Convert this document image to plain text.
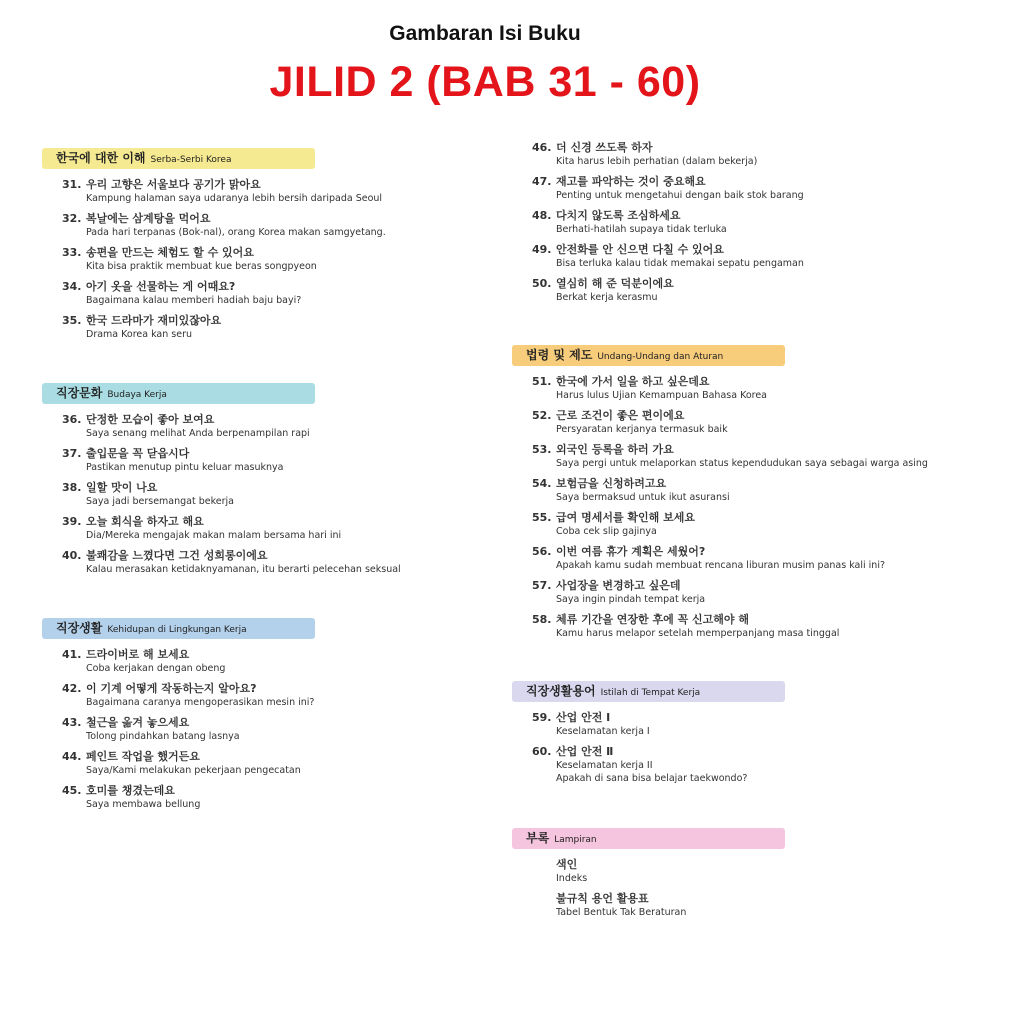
Gambaran Isi Buku
JILID 2 (BAB 31 - 60)
한국에 대한 이해 Serba-Serbi Korea
31. 우리 고향은 서울보다 공기가 맑아요
Kampung halaman saya udaranya lebih bersih daripada Seoul
32. 복날에는 삼계탕을 먹어요
Pada hari terpanas (Bok-nal), orang Korea makan samgyetang.
33. 송편을 만드는 체험도 할 수 있어요
Kita bisa praktik membuat kue beras songpyeon
34. 아기 옷을 선물하는 게 어때요?
Bagaimana kalau memberi hadiah baju bayi?
35. 한국 드라마가 재미있잖아요
Drama Korea kan seru
직장문화 Budaya Kerja
36. 단정한 모습이 좋아 보여요
Saya senang melihat Anda berpenampilan rapi
37. 출입문을 꼭 닫읍시다
Pastikan menutup pintu keluar masuknya
38. 일할 맛이 나요
Saya jadi bersemangat bekerja
39. 오늘 회식을 하자고 해요
Dia/Mereka mengajak makan malam bersama hari ini
40. 불쾌감을 느꼈다면 그건 성희롱이에요
Kalau merasakan ketidaknyamanan, itu berarti pelecehan seksual
직장생활 Kehidupan di Lingkungan Kerja
41. 드라이버로 해 보세요
Coba kerjakan dengan obeng
42. 이 기계 어떻게 작동하는지 알아요?
Bagaimana caranya mengoperasikan mesin ini?
43. 철근을 옮겨 놓으세요
Tolong pindahkan batang lasnya
44. 페인트 작업을 했거든요
Saya/Kami melakukan pekerjaan pengecatan
45. 호미를 챙겼는데요
Saya membawa bellung
46. 더 신경 쓰도록 하자
Kita harus lebih perhatian (dalam bekerja)
47. 재고를 파악하는 것이 중요해요
Penting untuk mengetahui dengan baik stok barang
48. 다치지 않도록 조심하세요
Berhati-hatilah supaya tidak terluka
49. 안전화를 안 신으면 다칠 수 있어요
Bisa terluka kalau tidak memakai sepatu pengaman
50. 열심히 해 준 덕분이에요
Berkat kerja kerasmu
법령 및 제도 Undang-Undang dan Aturan
51. 한국에 가서 일을 하고 싶은데요
Harus lulus Ujian Kemampuan Bahasa Korea
52. 근로 조건이 좋은 편이에요
Persyaratan kerjanya termasuk baik
53. 외국인 등록을 하러 가요
Saya pergi untuk melaporkan status kependudukan saya sebagai warga asing
54. 보험금을 신청하려고요
Saya bermaksud untuk ikut asuransi
55. 급여 명세서를 확인해 보세요
Coba cek slip gajinya
56. 이번 여름 휴가 계획은 세웠어?
Apakah kamu sudah membuat rencana liburan musim panas kali ini?
57. 사업장을 변경하고 싶은데
Saya ingin pindah tempat kerja
58. 체류 기간을 연장한 후에 꼭 신고해야 해
Kamu harus melapor setelah memperpanjang masa tinggal
직장생활용어 Istilah di Tempat Kerja
59. 산업 안전 Ⅰ
Keselamatan kerja I
60. 산업 안전 Ⅱ
Keselamatan kerja II
Apakah di sana bisa belajar taekwondo?
부록 Lampiran
색인
Indeks
불규칙 용언 활용표
Tabel Bentuk Tak Beraturan
